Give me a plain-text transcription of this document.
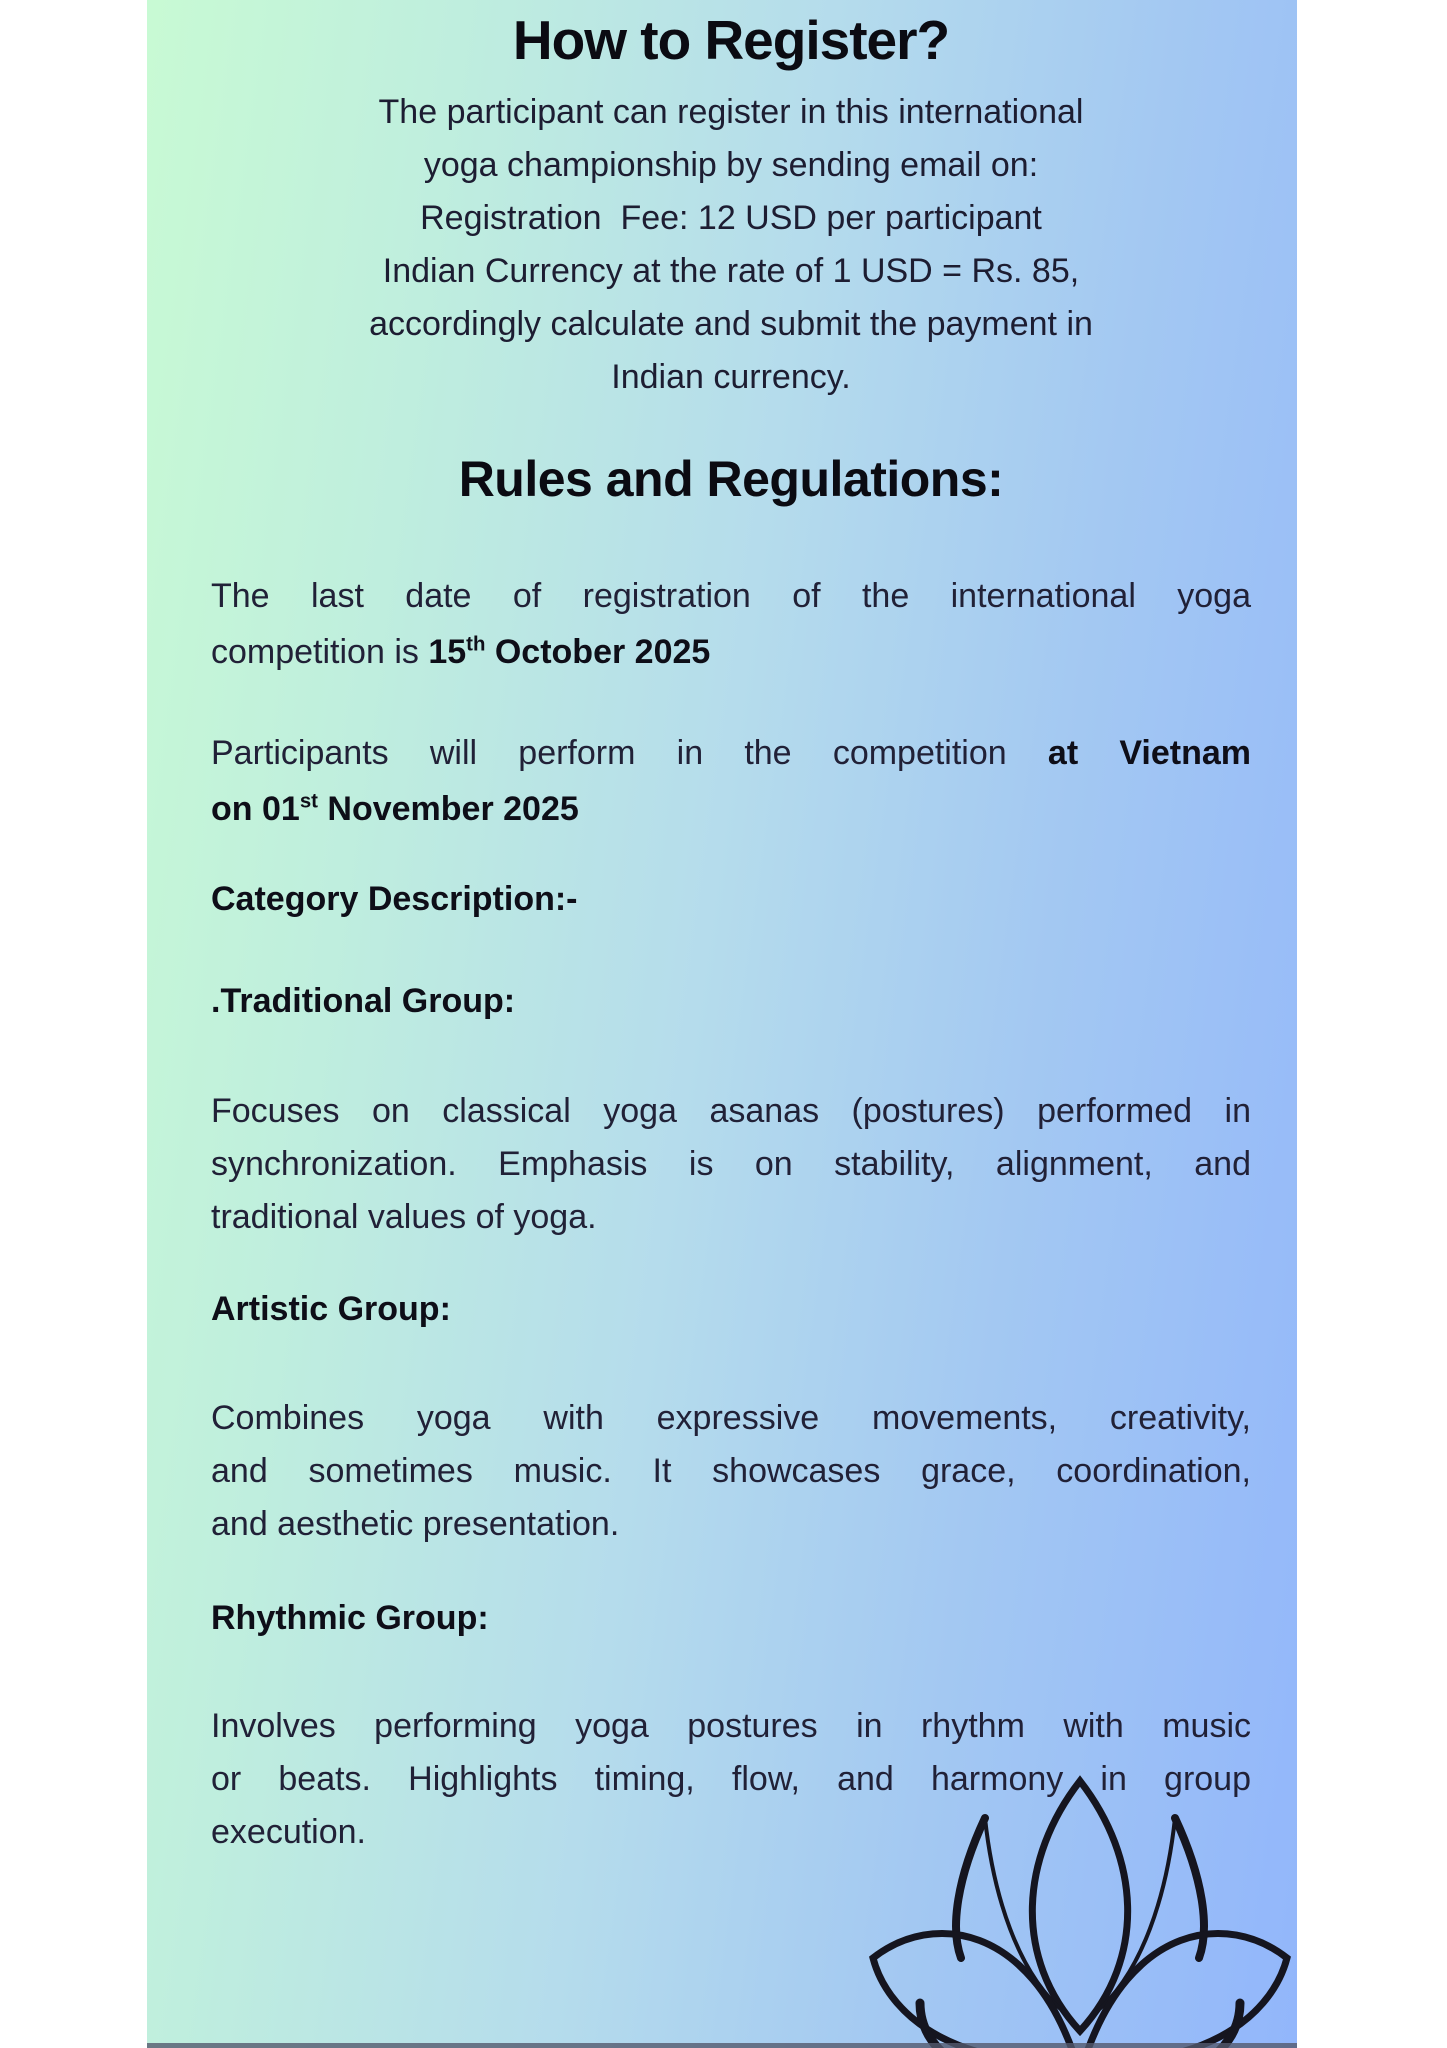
How to Register?
The participant can register in this international
yoga championship by sending email on:
Registration  Fee: 12 USD per participant
Indian Currency at the rate of 1 USD = Rs. 85,
accordingly calculate and submit the payment in
Indian currency.
Rules and Regulations:
The last date of registration of the international yoga
competition is 15th October 2025
Participants will perform in the competition at Vietnam
on 01st November 2025

Category Description:-

.Traditional Group:

Focuses on classical yoga asanas (postures) performed in
synchronization. Emphasis is on stability, alignment, and
traditional values of yoga.

Artistic Group:

Combines yoga with expressive movements, creativity,
and sometimes music. It showcases grace, coordination,
and aesthetic presentation.

Rhythmic Group:

Involves performing yoga postures in rhythm with music
or beats. Highlights timing, flow, and harmony in group
execution.
